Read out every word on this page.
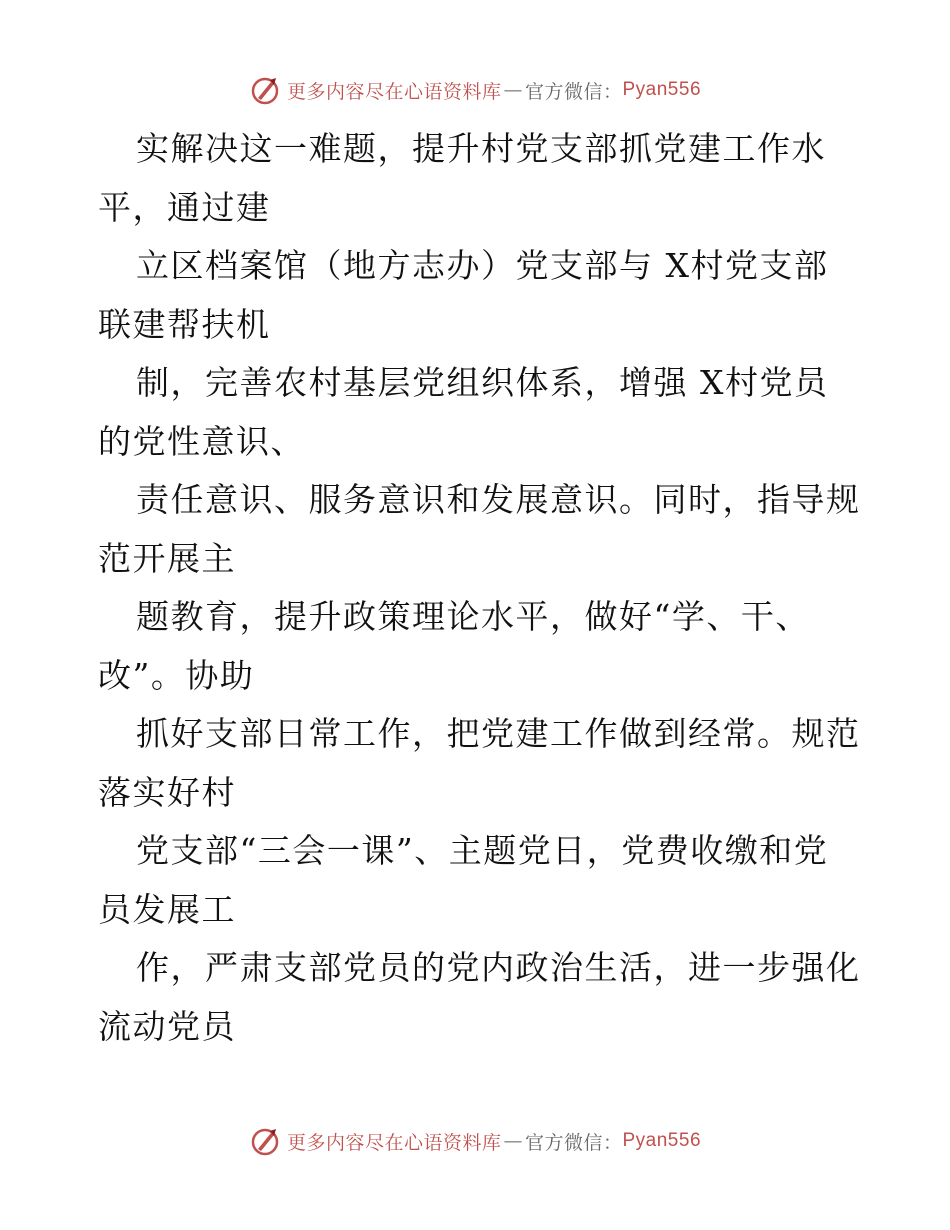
更多内容尽在心语资料库 — 官方微信： Pyan556
实解决这一难题，提升村党支部抓党建工作水
平，通过建
立区档案馆（地方志办）党支部与 X村党支部
联建帮扶机
制，完善农村基层党组织体系，增强 X村党员
的党性意识、
责任意识、服务意识和发展意识。同时，指导规
范开展主
题教育，提升政策理论水平，做好“学、干、
改”。协助
抓好支部日常工作，把党建工作做到经常。规范
落实好村
党支部“三会一课”、主题党日，党费收缴和党
员发展工
作，严肃支部党员的党内政治生活，进一步强化
流动党员
更多内容尽在心语资料库 — 官方微信： Pyan556
